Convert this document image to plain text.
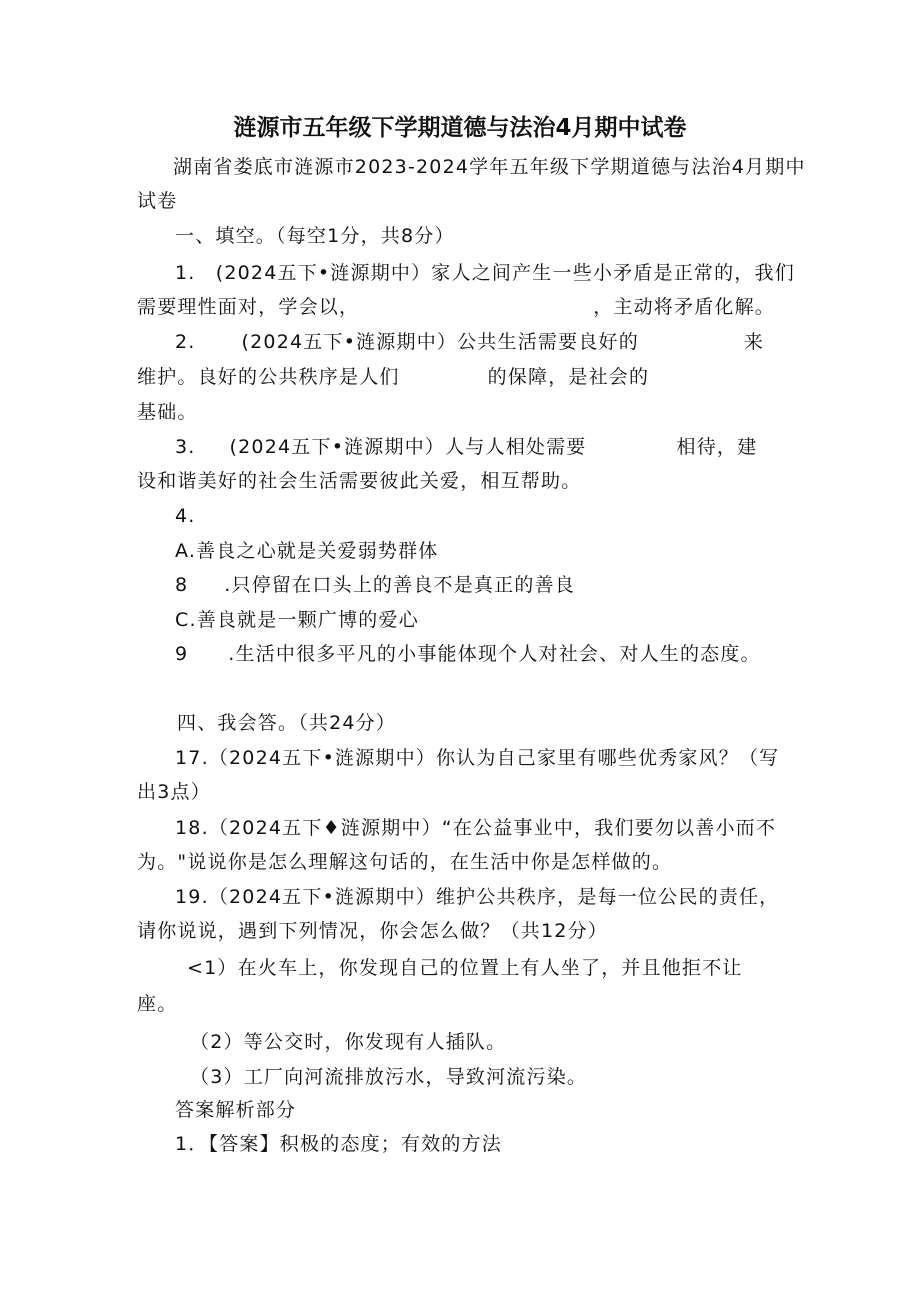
涟源市五年级下学期道德与法治4月期中试卷
湖南省娄底市涟源市2023-2024学年五年级下学期道德与法治4月期中
试卷
一、填空。（每空1分，共8分）
1.　(2024五下•涟源期中）家人之间产生一些小矛盾是正常的，我们
需要理性面对，学会以，	，主动将矛盾化解。
2. (2024五下•涟源期中）公共生活需要良好的	来
维护。良好的公共秩序是人们	的保障，是社会的
基础。
3. (2024五下•涟源期中）人与人相处需要	相待，建
设和谐美好的社会生活需要彼此关爱，相互帮助。
4.
A.善良之心就是关爱弱势群体
8 .只停留在口头上的善良不是真正的善良
C.善良就是一颗广博的爱心
9 .生活中很多平凡的小事能体现个人对社会、对人生的态度。
四、我会答。（共24分）
17.（2024五下•涟源期中）你认为自己家里有哪些优秀家风？（写
出3点）
18.（2024五下♦涟源期中）“在公益事业中，我们要勿以善小而不
为。"说说你是怎么理解这句话的，在生活中你是怎样做的。
19.（2024五下•涟源期中）维护公共秩序，是每一位公民的责任，
请你说说，遇到下列情况，你会怎么做？（共12分）
<1）在火车上，你发现自己的位置上有人坐了，并且他拒不让
座。
（2）等公交时，你发现有人插队。
（3）工厂向河流排放污水，导致河流污染。
答案解析部分
1．【答案】积极的态度；有效的方法
